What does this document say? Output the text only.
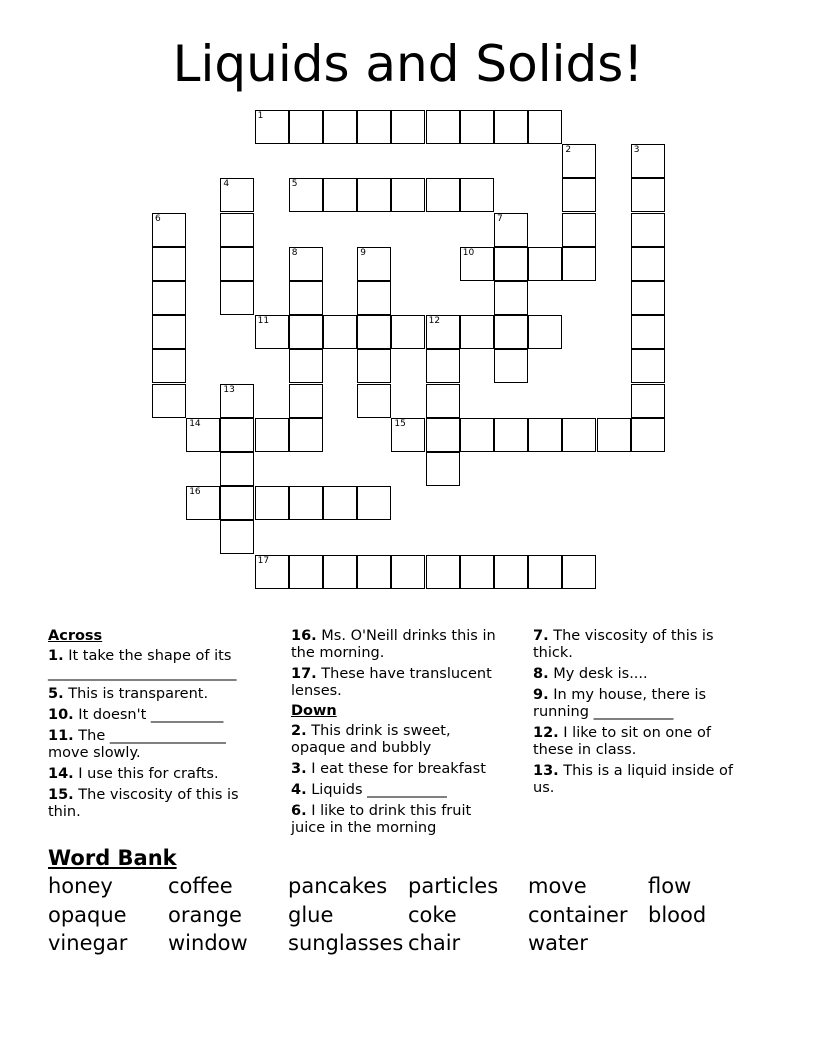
Liquids and Solids!
1
2	3
4	5
6	7
8	9	10
11	12
13
14	15
16
17
Across
1. It take the shape of its __________________________
5. This is transparent.
10. It doesn't __________
11. The ________________ move slowly.
14. I use this for crafts.
15. The viscosity of this is thin.
16. Ms. O'Neill drinks this in the morning.
17. These have translucent lenses.
Down
2. This drink is sweet, opaque and bubbly
3. I eat these for breakfast
4. Liquids ___________
6. I like to drink this fruit juice in the morning
7. The viscosity of this is thick.
8. My desk is....
9. In my house, there is running ___________
12. I like to sit on one of these in class.
13. This is a liquid inside of us.
Word Bank
honey	coffee	pancakes particles move	flow
opaque orange glue	coke	container blood
vinegar window sunglasses chair	water
